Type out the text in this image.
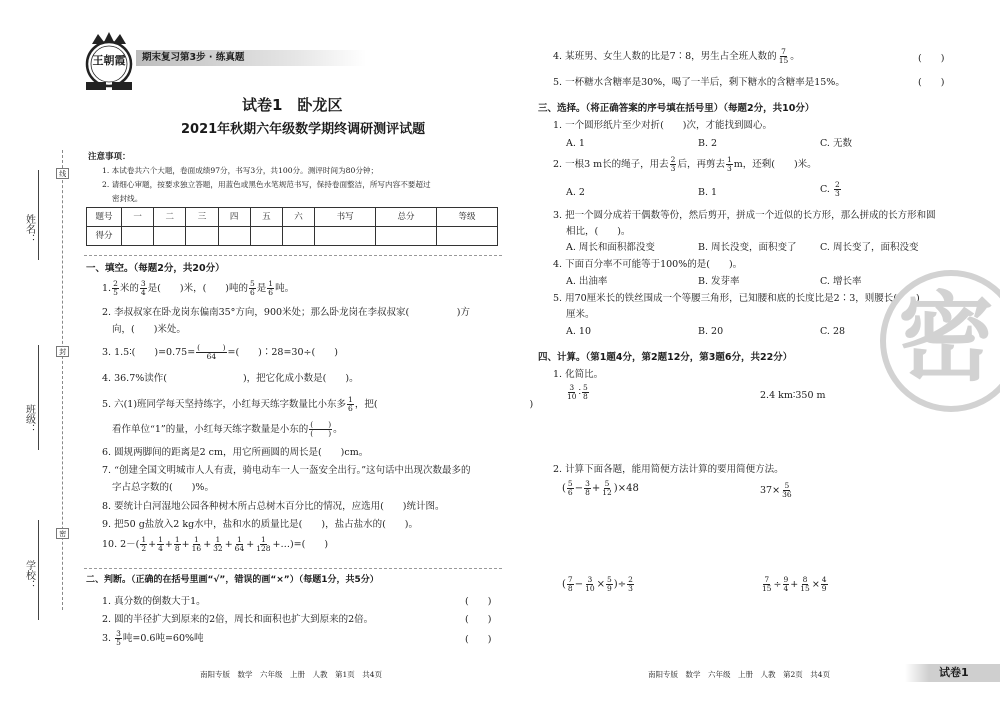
线
封
密
姓名：
班级：
学校：
王朝霞	期末复习第3步 · 练真题
试卷1　卧龙区
2021年秋期六年级数学期终调研测评试题
注意事项：
1. 本试卷共六个大题，卷面成绩97分，书写3分，共100分。测评时间为80分钟；
2. 请细心审题，按要求独立答题，用蓝色或黑色水笔规范书写，保持卷面整洁，所写内容不要超过
密封线。
题号	一	二	三	四	五	六	书写	总分	等级
得分									
一、填空。（每题2分，共20分）
1. $\frac{2}{5}$ 米的 $\frac{3}{4}$ 是(　　)米，(　　)吨的 $\frac{5}{6}$ 是 $\frac{1}{6}$ 吨。
2. 李叔叔家在卧龙岗东偏南35°方向，900米处；那么卧龙岗在李叔叔家(　　　　　)方
向，(　　)米处。
3. 1.5∶(　　)=0.75= (　　　)
64 =(　　)∶28=30÷(　　)
4. 36.7%读作(　　　　　　　　)，把它化成小数是(　　)。
5. 六(1)班同学每天坚持练字，小红每天练字数量比小东多 $\frac{1}{6}$ ，把(　　　　　　　　　　　　　　　　)
看作单位“1”的量，小红每天练字数量是小东的 (　　)
(　　) 。
6. 圆规两脚间的距离是2 cm，用它所画圆的周长是(　　)cm。
7. “创建全国文明城市人人有责，骑电动车一人一盔安全出行。”这句话中出现次数最多的
字占总字数的(　　)%。
8. 要统计白河湿地公园各种树木所占总树木百分比的情况，应选用(　　)统计图。
9. 把50 g盐放入2 kg水中，盐和水的质量比是(　　)，盐占盐水的(　　)。
10. $2-( \frac{1}{2} + \frac{1}{4} + \frac{1}{8} + \frac{1}{16} + \frac{1}{32} + \frac{1}{64} + \frac{1}{128}$ +…)=(　　)
二、判断。（正确的在括号里画“√”，错误的画“×”）（每题1分，共5分）
1. 真分数的倒数大于1。	(　　)
2. 圆的半径扩大到原来的2倍，周长和面积也扩大到原来的2倍。	(　　)
3. $\frac{3}{5}$ 吨=0.6吨=60%吨	(　　)
南阳专版　数学　六年级　上册　人教　第1页　共4页
4. 某班男、女生人数的比是7∶8，男生占全班人数的 $\frac{7}{15}$ 。	(　　)
5. 一杯糖水含糖率是30%，喝了一半后，剩下糖水的含糖率是15%。	(　　)
三、选择。（将正确答案的序号填在括号里）（每题2分，共10分）
1. 一个圆形纸片至少对折(　　)次，才能找到圆心。
A. 1	B. 2	C. 无数
2. 一根3 m长的绳子，用去 $\frac{2}{3}$ 后，再剪去 $\frac{1}{3}$ m，还剩(　　)米。
A. 2	B. 1	C. $\frac{2}{3}$
3. 把一个圆分成若干偶数等份，然后剪开，拼成一个近似的长方形，那么拼成的长方形和圆
相比，(　　)。
A. 周长和面积都没变	B. 周长没变，面积变了 C. 周长变了，面积没变
4. 下面百分率不可能等于100%的是(　　)。
A. 出油率	B. 发芽率	C. 增长率
5. 用70厘米长的铁丝围成一个等腰三角形，已知腰和底的长度比是2∶3，则腰长(　　)
厘米。
A. 10	B. 20	C. 28
四、计算。（第1题4分，第2题12分，第3题6分，共22分）
1. 化简比。
$\frac{3}{10}$ ∶ $\frac{5}{8}$	2.4 km∶350 m
2. 计算下面各题，能用简便方法计算的要用简便方法。
( $\frac{5}{6} - \frac{3}{8} + \frac{5}{12} )\times 48$	$37\times \frac{5}{36}$
( $\frac{7}{8} - \frac{3}{10} \times \frac{5}{9}$ )÷ $\frac{2}{3}$	$\frac{7}{15} \div \frac{9}{4} + \frac{8}{15} \times \frac{4}{9}$
密
南阳专版　数学　六年级　上册　人教　第2页　共4页	试卷1
